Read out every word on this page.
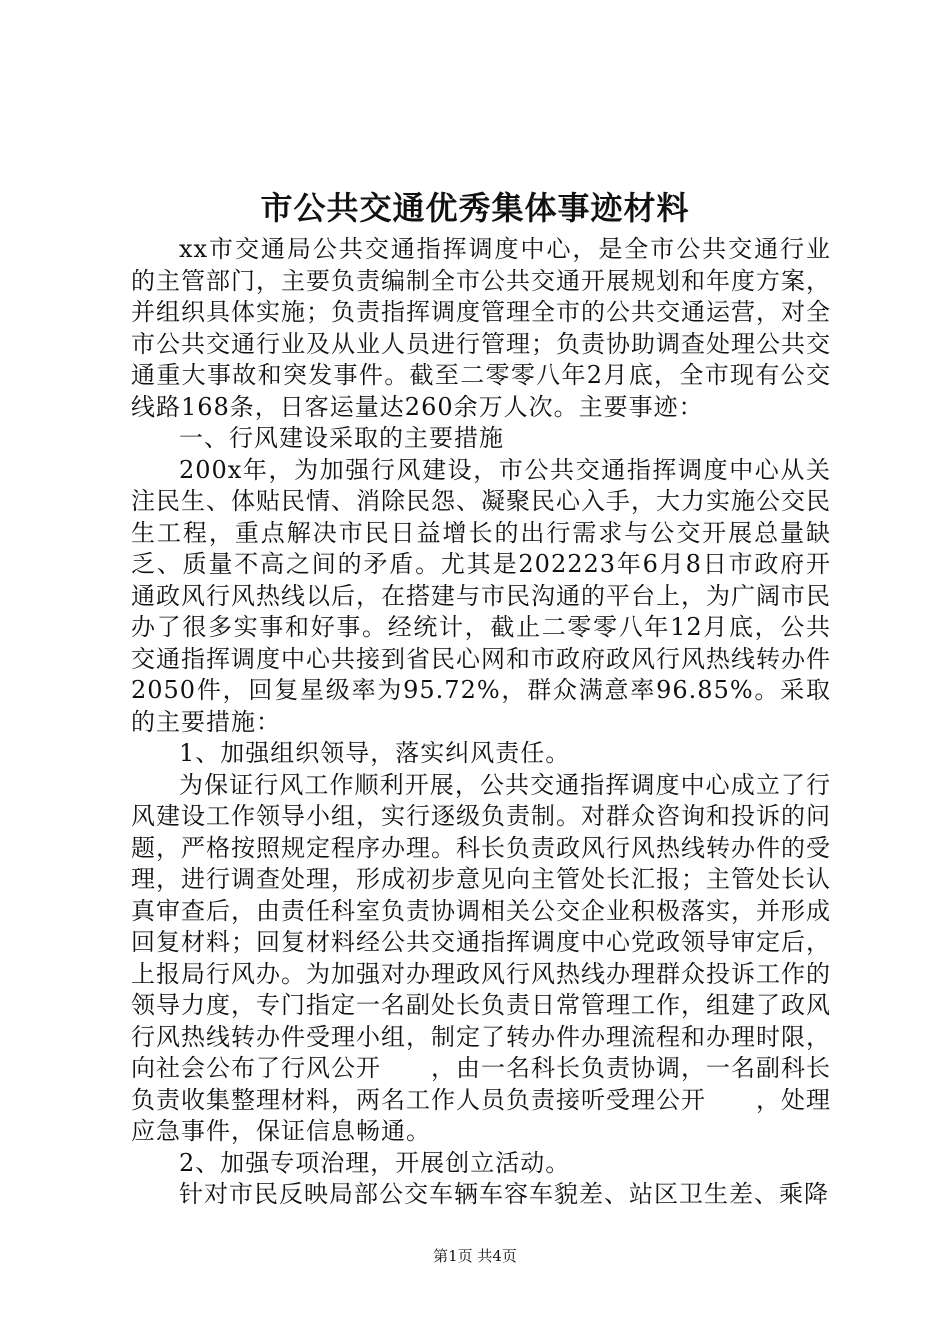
市公共交通优秀集体事迹材料

xx市交通局公共交通指挥调度中心，是全市公共交通行业的主管部门，主要负责编制全市公共交通开展规划和年度方案，并组织具体实施；负责指挥调度管理全市的公共交通运营，对全市公共交通行业及从业人员进行管理；负责协助调查处理公共交通重大事故和突发事件。截至二零零八年2月底，全市现有公交线路168条，日客运量达260余万人次。主要事迹：

一、行风建设采取的主要措施

200x年，为加强行风建设，市公共交通指挥调度中心从关注民生、体贴民情、消除民怨、凝聚民心入手，大力实施公交民生工程，重点解决市民日益增长的出行需求与公交开展总量缺乏、质量不高之间的矛盾。尤其是202223年6月8日市政府开通政风行风热线以后，在搭建与市民沟通的平台上，为广阔市民办了很多实事和好事。经统计，截止二零零八年12月底，公共交通指挥调度中心共接到省民心网和市政府政风行风热线转办件2050件，回复星级率为95.72%，群众满意率96.85%。采取的主要措施：

1、加强组织领导，落实纠风责任。

为保证行风工作顺利开展，公共交通指挥调度中心成立了行风建设工作领导小组，实行逐级负责制。对群众咨询和投诉的问题，严格按照规定程序办理。科长负责政风行风热线转办件的受理，进行调查处理，形成初步意见向主管处长汇报；主管处长认真审查后，由责任科室负责协调相关公交企业积极落实，并形成回复材料；回复材料经公共交通指挥调度中心党政领导审定后，上报局行风办。为加强对办理政风行风热线办理群众投诉工作的领导力度，专门指定一名副处长负责日常管理工作，组建了政风行风热线转办件受理小组，制定了转办件办理流程和办理时限，向社会公布了行风公开　　，由一名科长负责协调，一名副科长负责收集整理材料，两名工作人员负责接听受理公开　　，处理应急事件，保证信息畅通。

2、加强专项治理，开展创立活动。

针对市民反映局部公交车辆车容车貌差、站区卫生差、乘降

第1页 共4页
